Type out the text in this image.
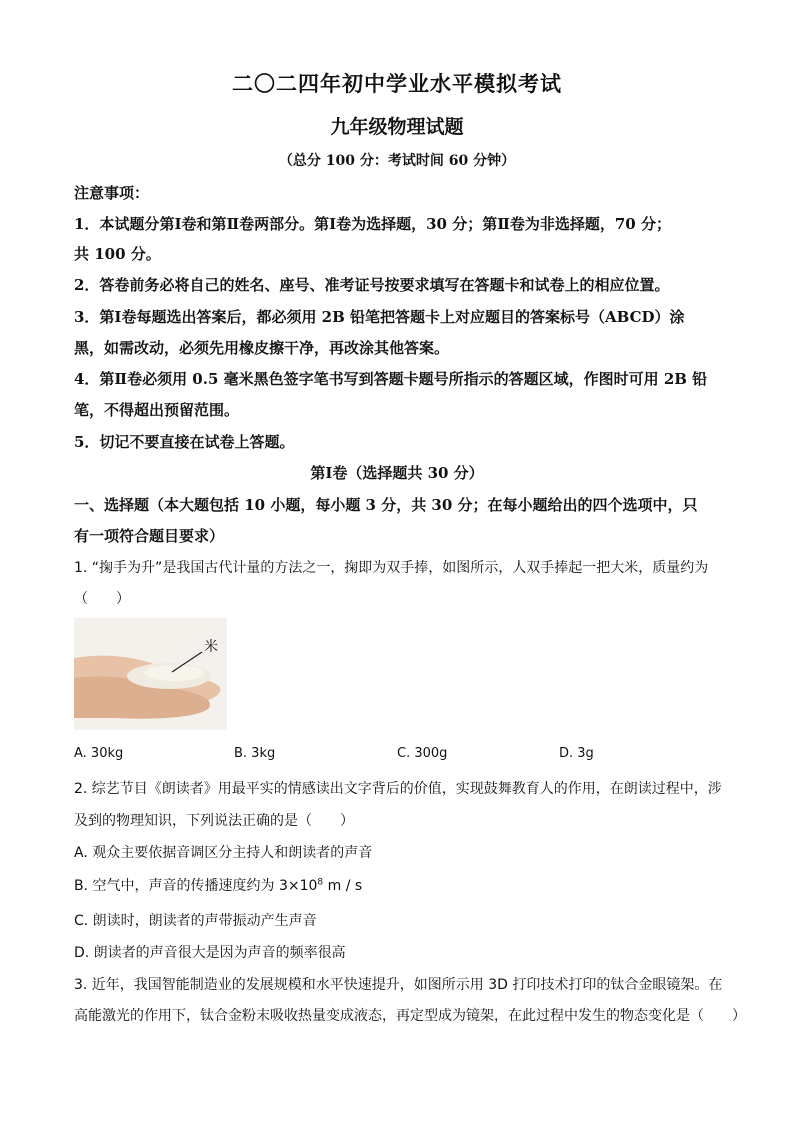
二〇二四年初中学业水平模拟考试
九年级物理试题
（总分 100 分：考试时间 60 分钟）
注意事项：
1．本试题分第Ⅰ卷和第Ⅱ卷两部分。第Ⅰ卷为选择题，30 分；第Ⅱ卷为非选择题，70 分；
共 100 分。
2．答卷前务必将自己的姓名、座号、准考证号按要求填写在答题卡和试卷上的相应位置。
3．第Ⅰ卷每题选出答案后，都必须用 2B 铅笔把答题卡上对应题目的答案标号（ABCD）涂
黑，如需改动，必须先用橡皮擦干净，再改涂其他答案。
4．第Ⅱ卷必须用 0.5 毫米黑色签字笔书写到答题卡题号所指示的答题区域，作图时可用 2B 铅
笔，不得超出预留范围。
5．切记不要直接在试卷上答题。
第Ⅰ卷（选择题共 30 分）
一、选择题（本大题包括 10 小题，每小题 3 分，共 30 分；在每小题给出的四个选项中，只
有一项符合题目要求）
1. “掬手为升”是我国古代计量的方法之一，掬即为双手捧，如图所示，人双手捧起一把大米，质量约为
（　　）
米
A. 30kg	B. 3kg	C. 300g	D. 3g
2. 综艺节目《朗读者》用最平实的情感读出文字背后的价值，实现鼓舞教育人的作用，在朗读过程中，涉
及到的物理知识，下列说法正确的是（　　）
A. 观众主要依据音调区分主持人和朗读者的声音
B. 空气中，声音的传播速度约为 $3\times 10^8$ m / s
C. 朗读时，朗读者的声带振动产生声音
D. 朗读者的声音很大是因为声音的频率很高
3. 近年，我国智能制造业的发展规模和水平快速提升，如图所示用 3D 打印技术打印的钛合金眼镜架。在
高能激光的作用下，钛合金粉末吸收热量变成液态，再定型成为镜架，在此过程中发生的物态变化是（　　）
